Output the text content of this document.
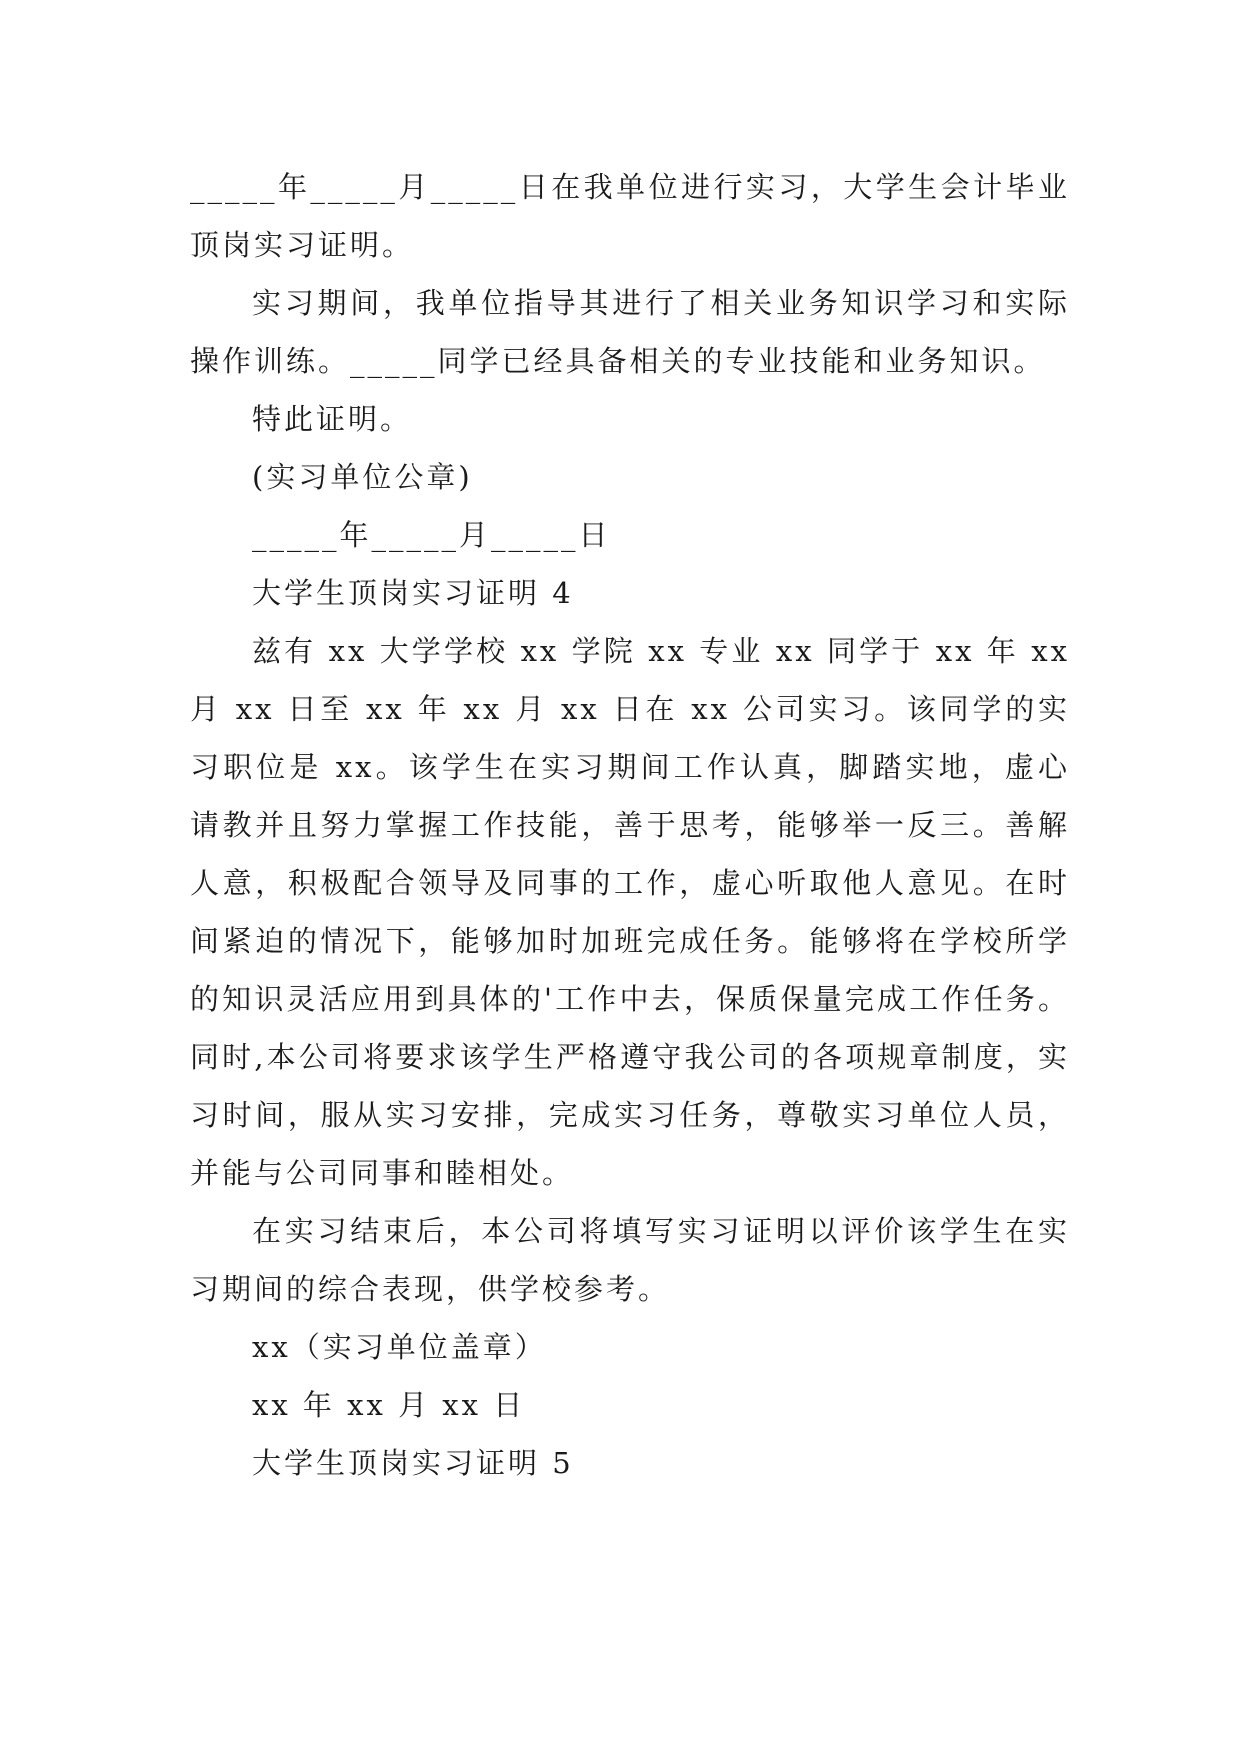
_____年_____月_____日在我单位进行实习，大学生会计毕业顶岗实习证明。

实习期间，我单位指导其进行了相关业务知识学习和实际操作训练。_____同学已经具备相关的专业技能和业务知识。

特此证明。

(实习单位公章)

_____年_____月_____日

大学生顶岗实习证明 4

兹有 xx 大学学校 xx 学院 xx 专业 xx 同学于 xx 年 xx 月 xx 日至 xx 年 xx 月 xx 日在 xx 公司实习。该同学的实习职位是 xx。该学生在实习期间工作认真，脚踏实地，虚心请教并且努力掌握工作技能，善于思考，能够举一反三。善解人意，积极配合领导及同事的工作，虚心听取他人意见。在时间紧迫的情况下，能够加时加班完成任务。能够将在学校所学的知识灵活应用到具体的'工作中去，保质保量完成工作任务。同时,本公司将要求该学生严格遵守我公司的各项规章制度，实习时间，服从实习安排，完成实习任务，尊敬实习单位人员，并能与公司同事和睦相处。

在实习结束后，本公司将填写实习证明以评价该学生在实习期间的综合表现，供学校参考。

xx（实习单位盖章）

xx 年 xx 月 xx 日

大学生顶岗实习证明 5
